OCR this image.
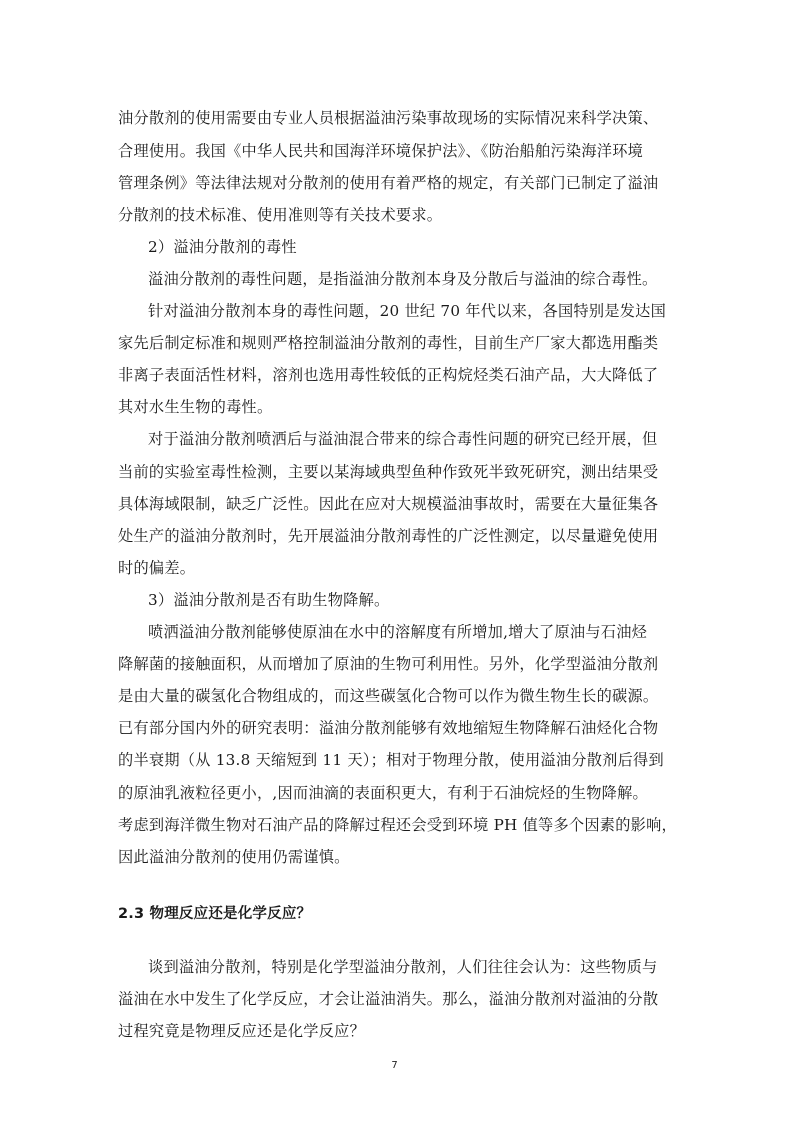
油分散剂的使用需要由专业人员根据溢油污染事故现场的实际情况来科学决策、
合理使用。我国《中华人民共和国海洋环境保护法》、《防治船舶污染海洋环境
管理条例》等法律法规对分散剂的使用有着严格的规定，有关部门已制定了溢油
分散剂的技术标准、使用准则等有关技术要求。
2）溢油分散剂的毒性
溢油分散剂的毒性问题，是指溢油分散剂本身及分散后与溢油的综合毒性。
针对溢油分散剂本身的毒性问题，20 世纪 70 年代以来，各国特别是发达国
家先后制定标准和规则严格控制溢油分散剂的毒性，目前生产厂家大都选用酯类
非离子表面活性材料，溶剂也选用毒性较低的正构烷烃类石油产品，大大降低了
其对水生生物的毒性。
对于溢油分散剂喷洒后与溢油混合带来的综合毒性问题的研究已经开展，但
当前的实验室毒性检测，主要以某海域典型鱼种作致死半致死研究，测出结果受
具体海域限制，缺乏广泛性。因此在应对大规模溢油事故时，需要在大量征集各
处生产的溢油分散剂时，先开展溢油分散剂毒性的广泛性测定，以尽量避免使用
时的偏差。
3）溢油分散剂是否有助生物降解。
喷洒溢油分散剂能够使原油在水中的溶解度有所增加,增大了原油与石油烃
降解菌的接触面积，从而增加了原油的生物可利用性。另外，化学型溢油分散剂
是由大量的碳氢化合物组成的，而这些碳氢化合物可以作为微生物生长的碳源。
已有部分国内外的研究表明：溢油分散剂能够有效地缩短生物降解石油烃化合物
的半衰期（从 13.8 天缩短到 11 天）；相对于物理分散，使用溢油分散剂后得到
的原油乳液粒径更小，,因而油滴的表面积更大，有利于石油烷烃的生物降解。
考虑到海洋微生物对石油产品的降解过程还会受到环境 PH 值等多个因素的影响，
因此溢油分散剂的使用仍需谨慎。
2.3 物理反应还是化学反应？
谈到溢油分散剂，特别是化学型溢油分散剂，人们往往会认为：这些物质与
溢油在水中发生了化学反应，才会让溢油消失。那么，溢油分散剂对溢油的分散
过程究竟是物理反应还是化学反应？
7
